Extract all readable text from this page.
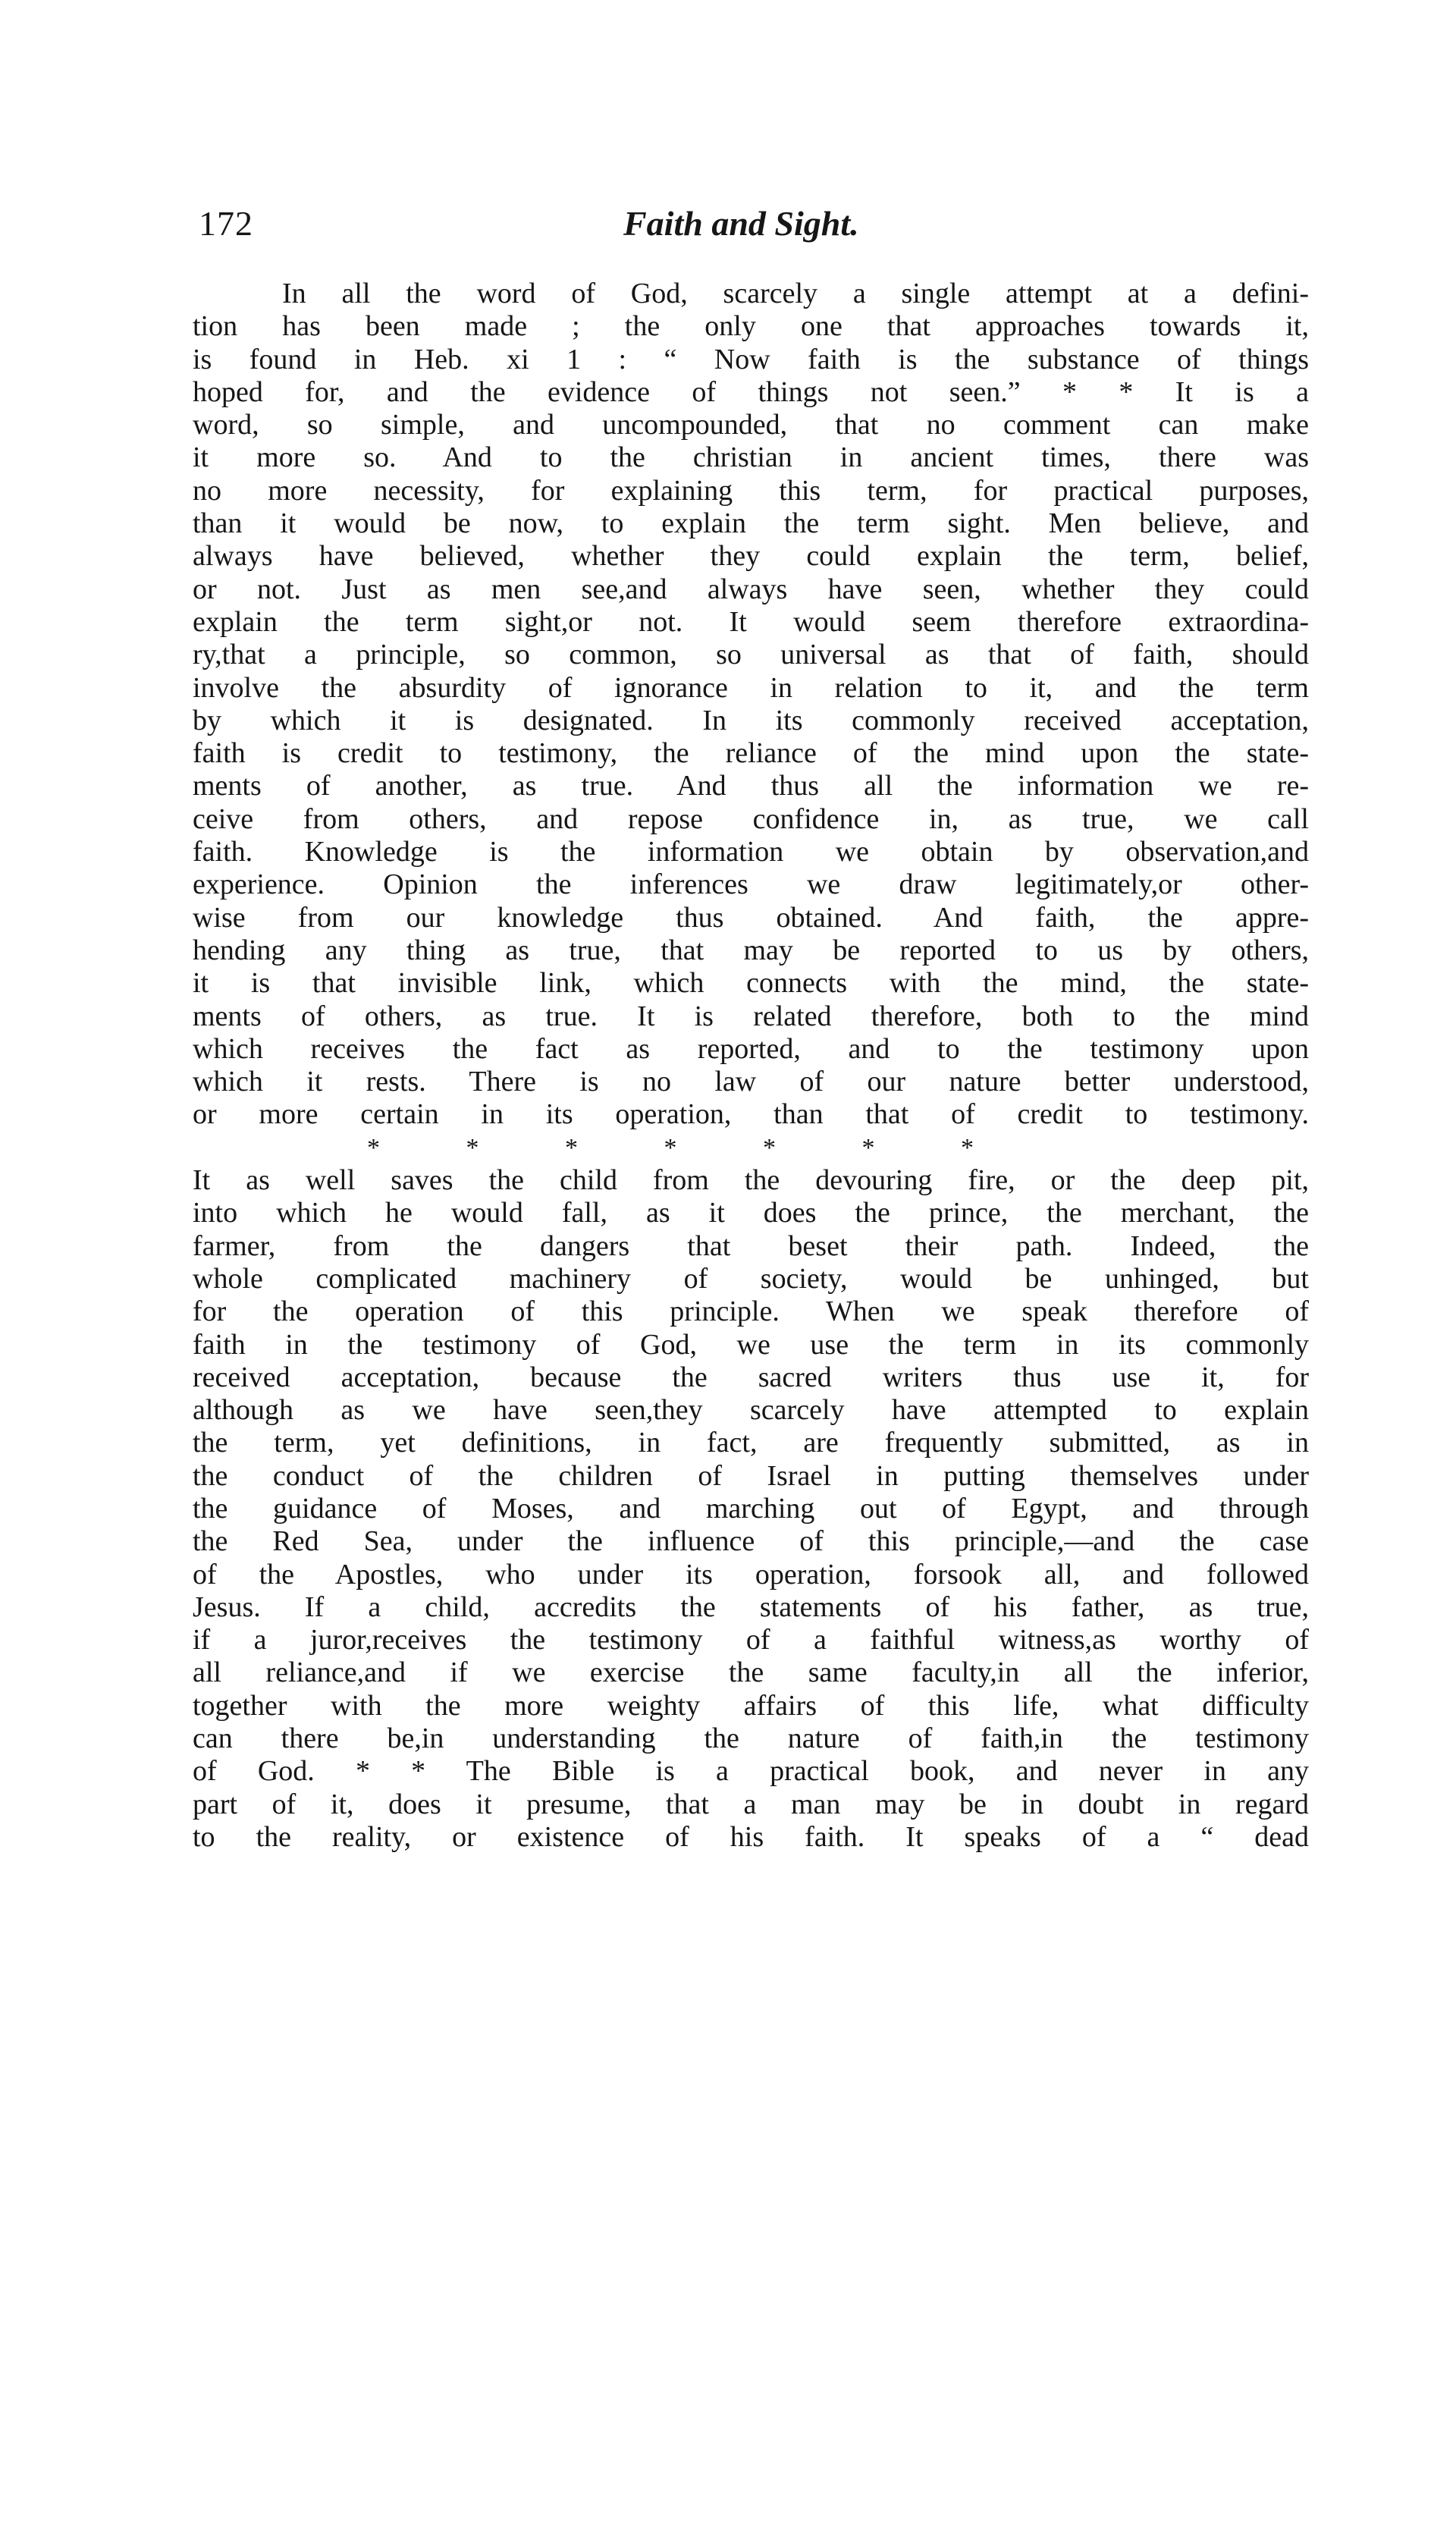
172	Faith and Sight.
In all the word of God, scarcely a single attempt at a defini-
tion has been made ; the only one that approaches towards it,
is found in Heb. xi 1 : “ Now faith is the substance of things
hoped for, and the evidence of things not seen.” * * It is a
word, so simple, and uncompounded, that no comment can make
it more so. And to the christian in ancient times, there was
no more necessity, for explaining this term, for practical purposes,
than it would be now, to explain the term sight. Men believe, and
always have believed, whether they could explain the term, belief,
or not. Just as men see,and always have seen, whether they could
explain the term sight,or not. It would seem therefore extraordina-
ry,that a principle, so common, so universal as that of faith, should
involve the absurdity of ignorance in relation to it, and the term
by which it is designated. In its commonly received acceptation,
faith is credit to testimony, the reliance of the mind upon the state-
ments of another, as true. And thus all the information we re-
ceive from others, and repose confidence in, as true, we call
faith. Knowledge is the information we obtain by observation,and
experience. Opinion the inferences we draw legitimately,or other-
wise from our knowledge thus obtained. And faith, the appre-
hending any thing as true, that may be reported to us by others,
it is that invisible link, which connects with the mind, the state-
ments of others, as true. It is related therefore, both to the mind
which receives the fact as reported, and to the testimony upon
which it rests. There is no law of our nature better understood,
or more certain in its operation, than that of credit to testimony.
* * * * * * *
It as well saves the child from the devouring fire, or the deep pit,
into which he would fall, as it does the prince, the merchant, the
farmer, from the dangers that beset their path. Indeed, the
whole complicated machinery of society, would be unhinged, but
for the operation of this principle. When we speak therefore of
faith in the testimony of God, we use the term in its commonly
received acceptation, because the sacred writers thus use it, for
although as we have seen,they scarcely have attempted to explain
the term, yet definitions, in fact, are frequently submitted, as in
the conduct of the children of Israel in putting themselves under
the guidance of Moses, and marching out of Egypt, and through
the Red Sea, under the influence of this principle,—and the case
of the Apostles, who under its operation, forsook all, and followed
Jesus. If a child, accredits the statements of his father, as true,
if a juror,receives the testimony of a faithful witness,as worthy of
all reliance,and if we exercise the same faculty,in all the inferior,
together with the more weighty affairs of this life, what difficulty
can there be,in understanding the nature of faith,in the testimony
of God. * * The Bible is a practical book, and never in any
part of it, does it presume, that a man may be in doubt in regard
to the reality, or existence of his faith. It speaks of a “ dead
